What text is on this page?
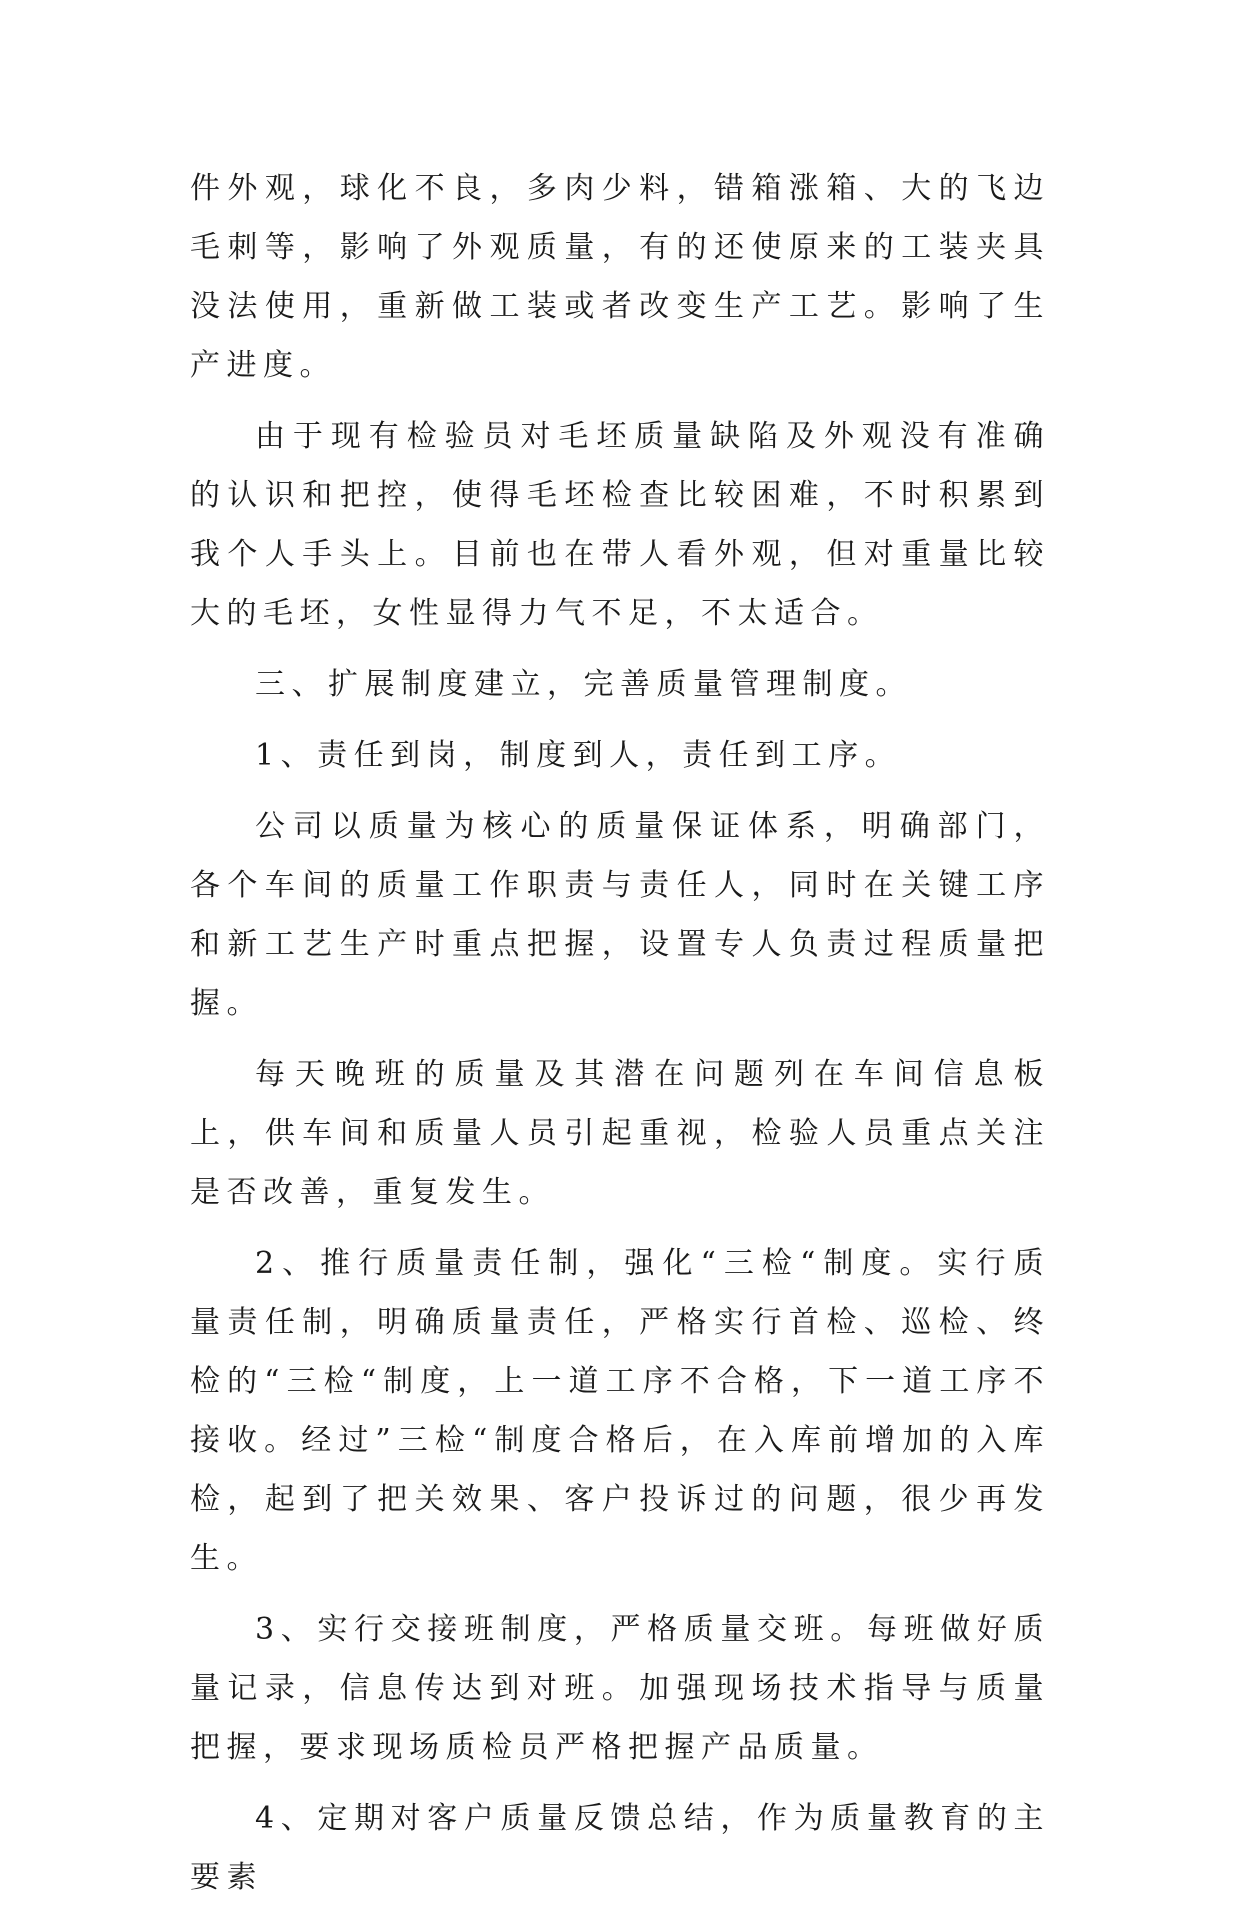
件外观，球化不良，多肉少料，错箱涨箱、大的飞边毛刺等，影响了外观质量，有的还使原来的工装夹具没法使用，重新做工装或者改变生产工艺。影响了生产进度。

由于现有检验员对毛坯质量缺陷及外观没有准确的认识和把控，使得毛坯检查比较困难，不时积累到我个人手头上。目前也在带人看外观，但对重量比较大的毛坯，女性显得力气不足，不太适合。

三、扩展制度建立，完善质量管理制度。

1、责任到岗，制度到人，责任到工序。

公司以质量为核心的质量保证体系，明确部门，各个车间的质量工作职责与责任人，同时在关键工序和新工艺生产时重点把握，设置专人负责过程质量把握。

每天晚班的质量及其潜在问题列在车间信息板上，供车间和质量人员引起重视，检验人员重点关注是否改善，重复发生。

2、推行质量责任制，强化“三检“制度。实行质量责任制，明确质量责任，严格实行首检、巡检、终检的“三检“制度，上一道工序不合格，下一道工序不接收。经过”三检“制度合格后，在入库前增加的入库检，起到了把关效果、客户投诉过的问题，很少再发生。

3、实行交接班制度，严格质量交班。每班做好质量记录，信息传达到对班。加强现场技术指导与质量把握，要求现场质检员严格把握产品质量。

4、定期对客户质量反馈总结，作为质量教育的主要素
